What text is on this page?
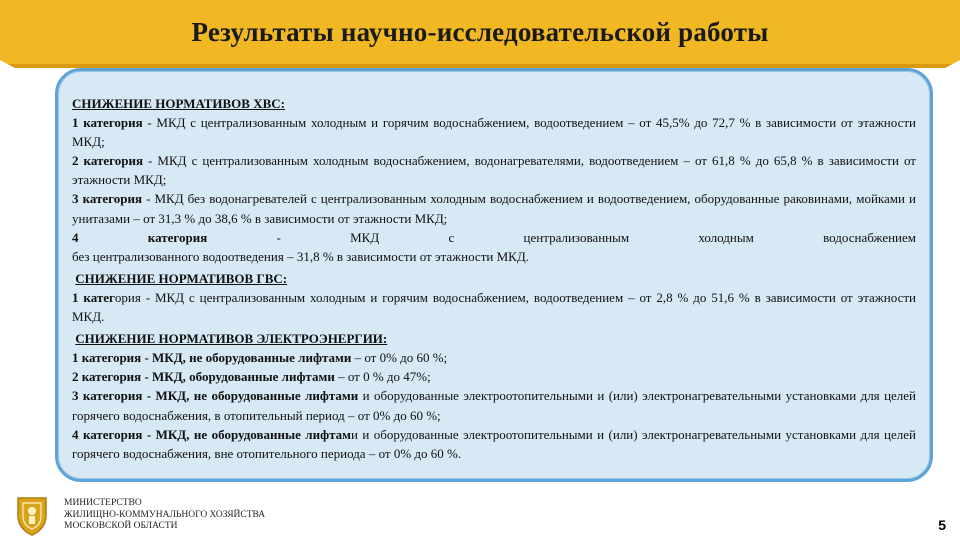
Результаты научно-исследовательской работы

СНИЖЕНИЕ НОРМАТИВОВ ХВС:

1 категория - МКД с централизованным холодным и горячим водоснабжением, водоотведением – от 45,5% до 72,7 % в зависимости от этажности МКД;

2 категория - МКД с централизованным холодным водоснабжением, водонагревателями, водоотведением – от 61,8 % до 65,8 % в зависимости от этажности МКД;

3 категория - МКД без водонагревателей с централизованным холодным водоснабжением и водоотведением, оборудованные раковинами, мойками и унитазами – от 31,3 % до 38,6 % в зависимости от этажности МКД;

4 категория	- МКД с централизованным холодным водоснабжением

без централизованного водоотведения – 31,8 % в зависимости от этажности МКД.

СНИЖЕНИЕ НОРМАТИВОВ ГВС:

1 категория - МКД с централизованным холодным и горячим водоснабжением, водоотведением – от 2,8 % до 51,6 % в зависимости от этажности МКД.

СНИЖЕНИЕ НОРМАТИВОВ ЭЛЕКТРОЭНЕРГИИ:

1 категория - МКД, не оборудованные лифтами – от 0% до 60 %;

2 категория - МКД, оборудованные лифтами – от 0 % до 47%;

3 категория - МКД, не оборудованные лифтами и оборудованные электроотопительными и (или) электронагревательными установками для целей горячего водоснабжения, в отопительный период – от 0% до 60 %;

4 категория - МКД, не оборудованные лифтами и оборудованные электроотопительными и (или) электронагревательными установками для целей горячего водоснабжения, вне отопительного периода – от 0% до 60 %.

МИНИСТЕРСТВО
ЖИЛИЩНО-КОММУНАЛЬНОГО ХОЗЯЙСТВА
МОСКОВСКОЙ ОБЛАСТИ	5
